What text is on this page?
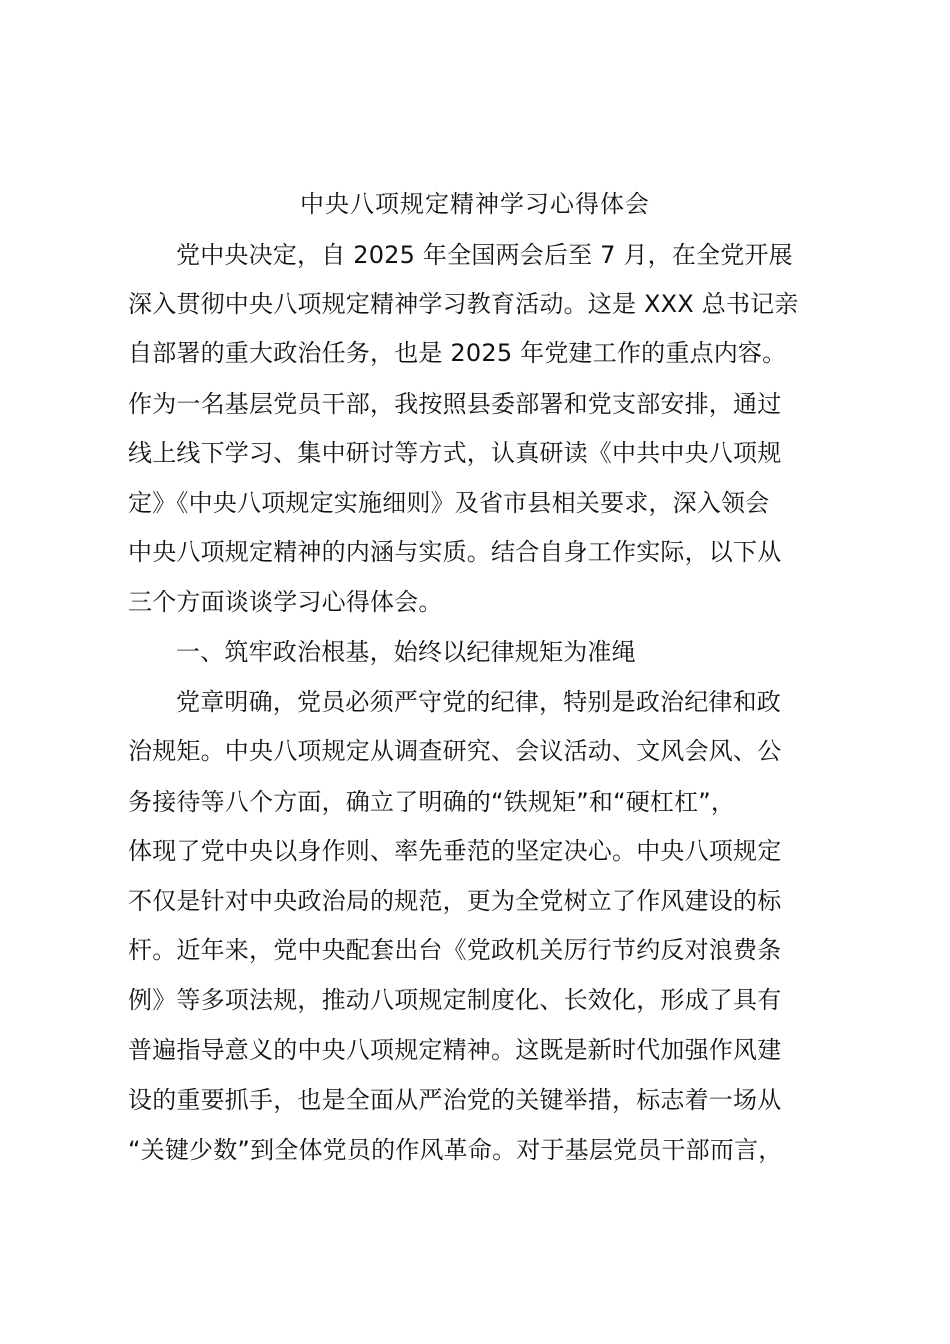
中央八项规定精神学习心得体会
党中央决定，自 2025 年全国两会后至 7 月，在全党开展
深入贯彻中央八项规定精神学习教育活动。这是 XXX 总书记亲
自部署的重大政治任务，也是 2025 年党建工作的重点内容。
作为一名基层党员干部，我按照县委部署和党支部安排，通过
线上线下学习、集中研讨等方式，认真研读《中共中央八项规
定》《中央八项规定实施细则》及省市县相关要求，深入领会
中央八项规定精神的内涵与实质。结合自身工作实际，以下从
三个方面谈谈学习心得体会。
一、筑牢政治根基，始终以纪律规矩为准绳
党章明确，党员必须严守党的纪律，特别是政治纪律和政
治规矩。中央八项规定从调查研究、会议活动、文风会风、公
务接待等八个方面，确立了明确的“铁规矩”和“硬杠杠”，
体现了党中央以身作则、率先垂范的坚定决心。中央八项规定
不仅是针对中央政治局的规范，更为全党树立了作风建设的标
杆。近年来，党中央配套出台《党政机关厉行节约反对浪费条
例》等多项法规，推动八项规定制度化、长效化，形成了具有
普遍指导意义的中央八项规定精神。这既是新时代加强作风建
设的重要抓手，也是全面从严治党的关键举措，标志着一场从
“关键少数”到全体党员的作风革命。对于基层党员干部而言，
